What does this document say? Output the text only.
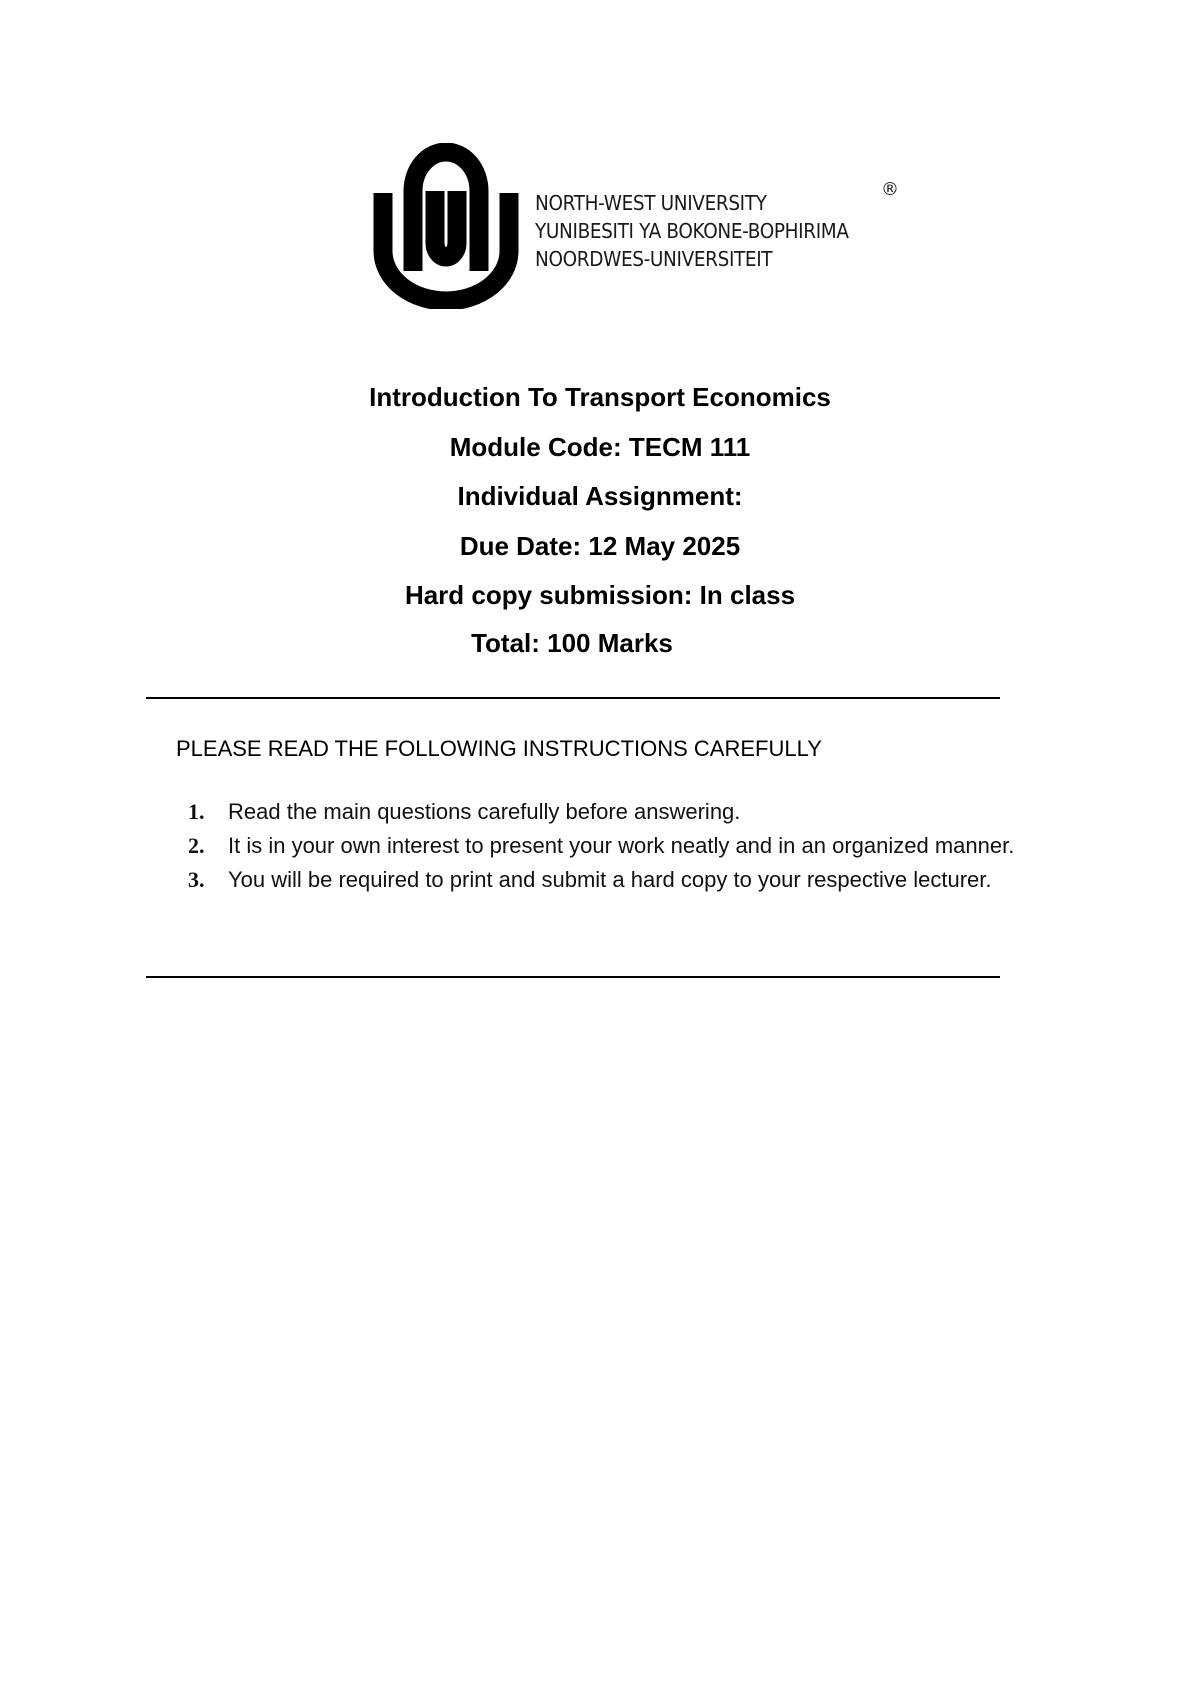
NORTH-WEST UNIVERSITY
YUNIBESITI YA BOKONE-BOPHIRIMA
NOORDWES-UNIVERSITEIT
®
Introduction To Transport Economics
Module Code: TECM 111
Individual Assignment:
Due Date: 12 May 2025
Hard copy submission: In class
Total: 100 Marks
PLEASE READ THE FOLLOWING INSTRUCTIONS CAREFULLY
1. Read the main questions carefully before answering.
2. It is in your own interest to present your work neatly and in an organized manner.
3. You will be required to print and submit a hard copy to your respective lecturer.
